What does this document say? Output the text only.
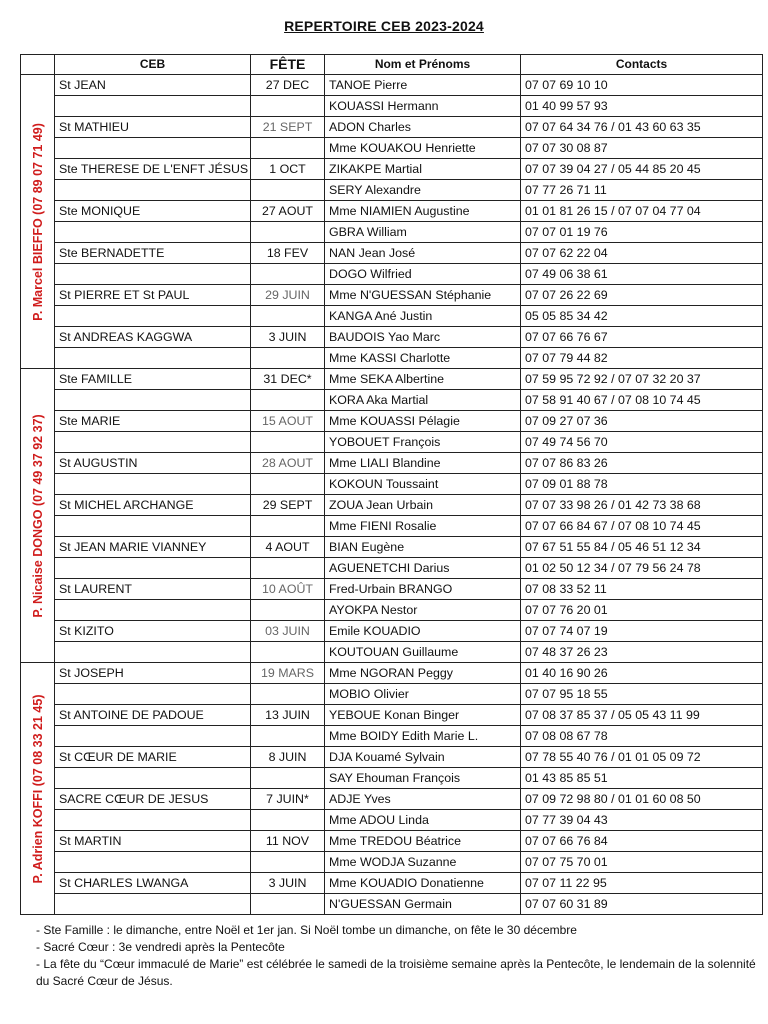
REPERTOIRE CEB 2023-2024
	CEB	FÊTE	Nom et Prénoms	Contacts

P. Marcel BIEFFO (07 89 07 71 49)	St JEAN	27 DEC	TANOE Pierre	07 07 69 10 10
			KOUASSI Hermann	01 40 99 57 93
	St MATHIEU	21 SEPT	ADON Charles	07 07 64 34 76 / 01 43 60 63 35
			Mme KOUAKOU Henriette	07 07 30 08 87
	Ste THERESE DE L'ENFT JÉSUS	1 OCT	ZIKAKPE Martial	07 07 39 04 27 / 05 44 85 20 45
			SERY Alexandre	07 77 26 71 11
	Ste MONIQUE	27 AOUT	Mme NIAMIEN Augustine	01 01 81 26 15 / 07 07 04 77 04
			GBRA William	07 07 01 19 76
	Ste BERNADETTE	18 FEV	NAN Jean José	07 07 62 22 04
			DOGO Wilfried	07 49 06 38 61
	St PIERRE ET St PAUL	29 JUIN	Mme N'GUESSAN Stéphanie	07 07 26 22 69
			KANGA Ané Justin	05 05 85 34 42
	St ANDREAS KAGGWA	3 JUIN	BAUDOIS Yao Marc	07 07 66 76 67
			Mme KASSI Charlotte	07 07 79 44 82

P. Nicaise DONGO (07 49 37 92 37)	Ste FAMILLE	31 DEC*	Mme SEKA Albertine	07 59 95 72 92 / 07 07 32 20 37
			KORA Aka Martial	07 58 91 40 67 / 07 08 10 74 45
	Ste MARIE	15 AOUT	Mme KOUASSI Pélagie	07 09 27 07 36
			YOBOUET François	07 49 74 56 70
	St AUGUSTIN	28 AOUT	Mme LIALI Blandine	07 07 86 83 26
			KOKOUN Toussaint	07 09 01 88 78
	St MICHEL ARCHANGE	29 SEPT	ZOUA Jean Urbain	07 07 33 98 26 / 01 42 73 38 68
			Mme FIENI Rosalie	07 07 66 84 67 / 07 08 10 74 45
	St JEAN MARIE VIANNEY	4 AOUT	BIAN Eugène	07 67 51 55 84 / 05 46 51 12 34
			AGUENETCHI Darius	01 02 50 12 34 / 07 79 56 24 78
	St LAURENT	10 AOÛT	Fred-Urbain BRANGO	07 08 33 52 11
			AYOKPA Nestor	07 07 76 20 01
	St KIZITO	03 JUIN	Emile KOUADIO	07 07 74 07 19
			KOUTOUAN Guillaume	07 48 37 26 23

P. Adrien KOFFI (07 08 33 21 45)	St JOSEPH	19 MARS	Mme NGORAN Peggy	01 40 16 90 26
			MOBIO Olivier	07 07 95 18 55
	St ANTOINE DE PADOUE	13 JUIN	YEBOUE Konan Binger	07 08 37 85 37 / 05 05 43 11 99
			Mme BOIDY Edith Marie L.	07 08 08 67 78
	St CŒUR DE MARIE	8 JUIN	DJA Kouamé Sylvain	07 78 55 40 76 / 01 01 05 09 72
			SAY Ehouman François	01 43 85 85 51
	SACRE CŒUR DE JESUS	7 JUIN*	ADJE Yves	07 09 72 98 80 / 01 01 60 08 50
			Mme ADOU Linda	07 77 39 04 43
	St MARTIN	11 NOV	Mme TREDOU Béatrice	07 07 66 76 84
			Mme WODJA Suzanne	07 07 75 70 01
	St CHARLES LWANGA	3 JUIN	Mme KOUADIO Donatienne	07 07 11 22 95
			N'GUESSAN Germain	07 07 60 31 89
- Ste Famille : le dimanche, entre Noël et 1er jan. Si Noël tombe un dimanche, on fête le 30 décembre
- Sacré Cœur : 3e vendredi après la Pentecôte
- La fête du “Cœur immaculé de Marie” est célébrée le samedi de la troisième semaine après la Pentecôte, le lendemain de la solennité du Sacré Cœur de Jésus.
